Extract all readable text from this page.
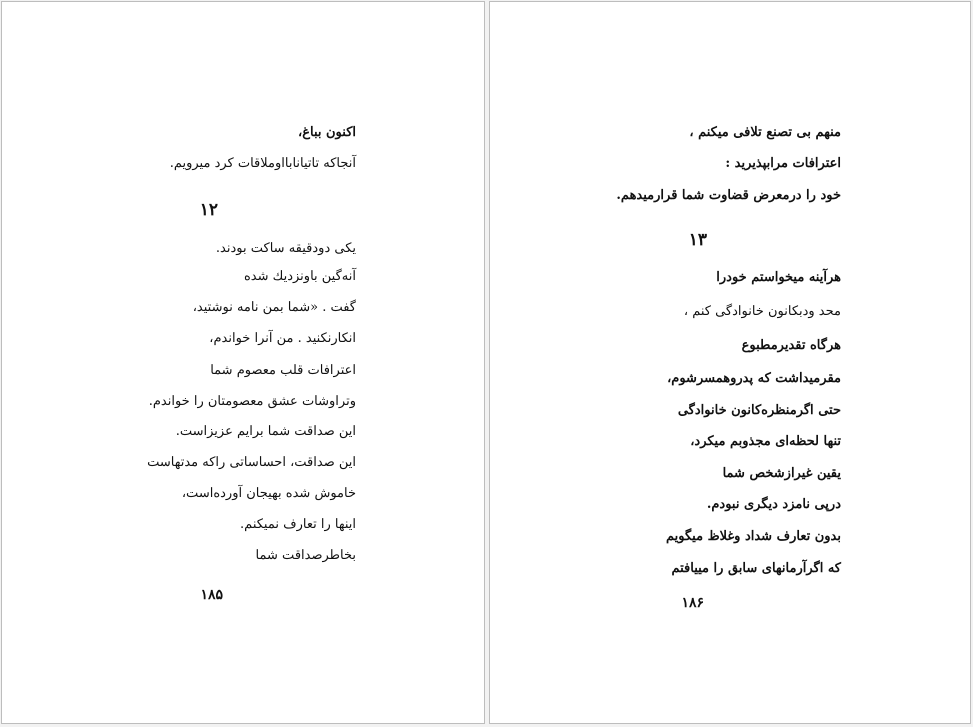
اکنون بباغ،
آنجاکه تاتیانابااوملاقات کرد میرویم.
۱۲
یکی دودقیقه ساکت بودند.
آنه‌گین باونزدیك شده
گفت . «شما بمن نامه نوشتید،
انکارنکنید . من آنرا خواندم،
اعترافات قلب معصوم شما
وتراوشات عشق معصومتان را خواندم.
این صداقت شما برایم عزیزاست.
این صداقت، احساساتی راکه مدتهاست
خاموش شده بهیجان آورده‌است،
اینها را تعارف نمیکنم.
بخاطرصداقت شما
۱۸۵
منهم بی تصنع تلافی میکنم ،
اعترافات مرابپذیرید :
خود را درمعرض قضاوت شما قرارمیدهم.
۱۳
هرآینه میخواستم خودرا
محد ودبکانون خانوادگی کنم ،
هرگاه تقدیرمطبوع
مقرمیداشت که پدروهمسرشوم،
حتی اگرمنظره‌کانون خانوادگی
تنها لحظه‌ای مجذوبم میکرد،
یقین غیرازشخص شما
درپی نامزد دیگری نبودم.
بدون تعارف شداد وغلاظ میگویم
که اگرآرمانهای سابق را مییافتم
۱۸۶
